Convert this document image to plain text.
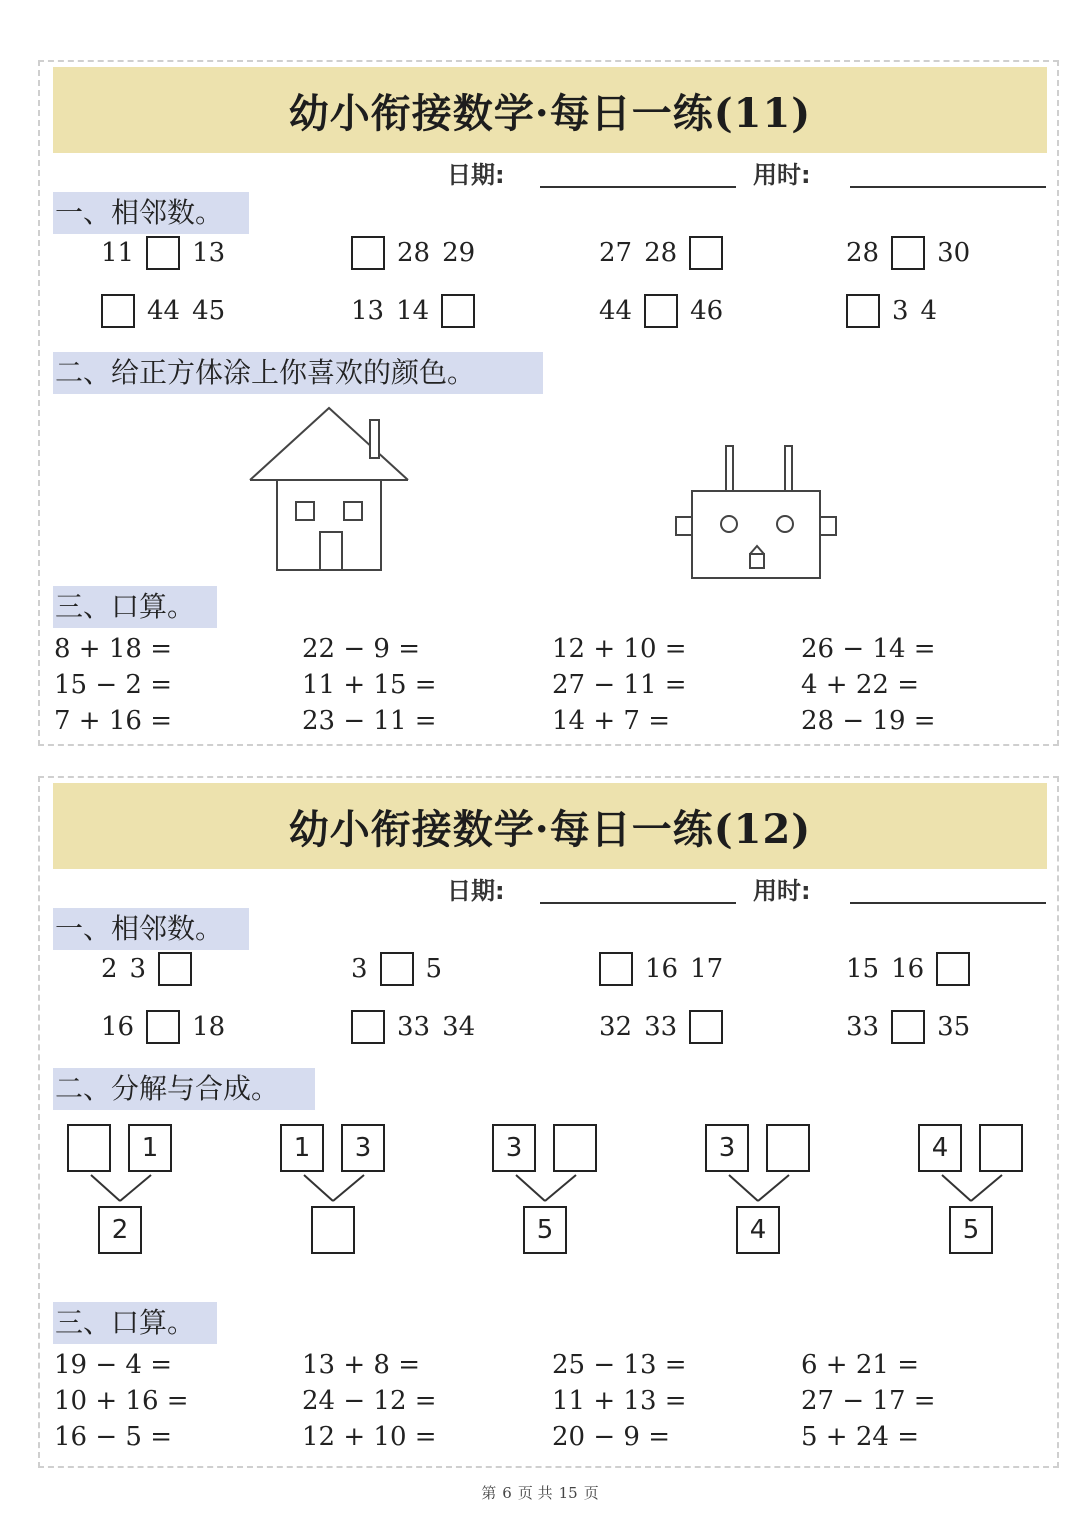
幼小衔接数学·每日一练(11)
日期:	用时:
一、相邻数。
11 13	28 29	27 28	28 30
44 45	13 14	44 46	3 4
二、给正方体涂上你喜欢的颜色。
三、口算。
8 + 18 =	22 − 9 =	12 + 10 =	26 − 14 =
15 − 2 =	11 + 15 =	27 − 11 =	4 + 22 =
7 + 16 =	23 − 11 =	14 + 7 =	28 − 19 =
幼小衔接数学·每日一练(12)
日期:	用时:
一、相邻数。
2 3	3 5	16 17	15 16
16 18	33 34	32 33	33 35
二、分解与合成。
1
2
1	3	3
5
3
4
4
5
三、口算。
19 − 4 =	13 + 8 =	25 − 13 =	6 + 21 =
10 + 16 =	24 − 12 =	11 + 13 =	27 − 17 =
16 − 5 =	12 + 10 =	20 − 9 =	5 + 24 =
第 6 页 共 15 页
